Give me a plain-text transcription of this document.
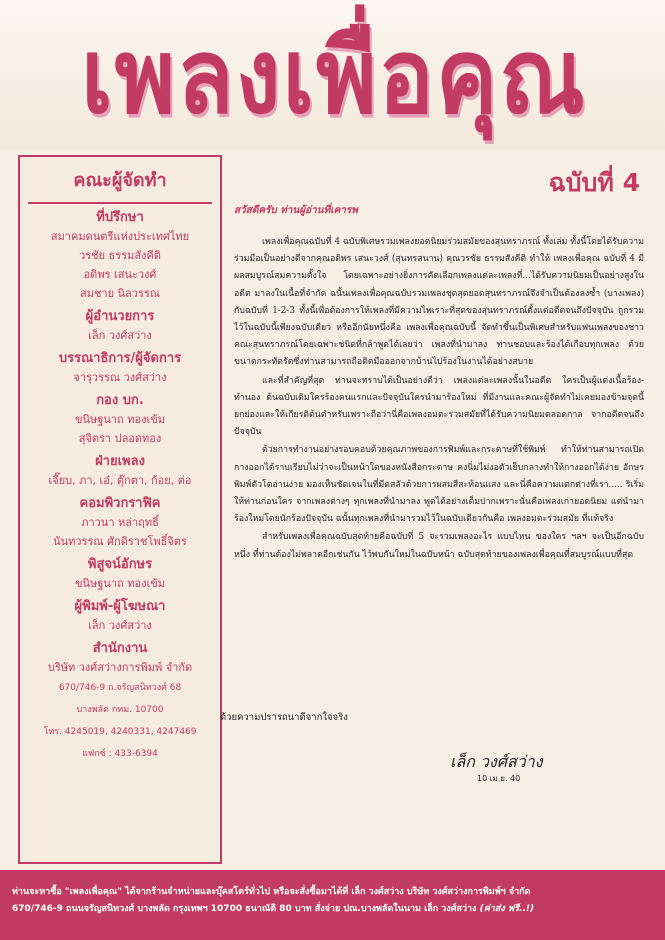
เพลงเพื่อคุณ
ฉบับที่ 4
คณะผู้จัดทำ
ที่ปรึกษา
สมาคมดนตรีแห่งประเทศไทย
วรชัย ธรรมสังคีติ
อดิพร เสนะวงศ์
สมชาย นิลวรรณ
ผู้อำนวยการ
เล็ก วงศ์สว่าง
บรรณาธิการ/ผู้จัดการ
จารุวรรณ วงศ์สว่าง
กอง บก.
ขนิษฐนาถ ทองเข้ม
สุจิตรา ปลอดทอง
ฝ่ายเพลง
เจี๊ยบ, ภา, เอ๋, ตุ๊กตา, ก้อย, ต่อ
คอมพิวกราฟิค
ภาวนา หล่าฤทธิ์
นันทวรรณ ศักดิราชโพธิ์จิตร
พิสูจน์อักษร
ขนิษฐนาถ ทองเข้ม
ผู้พิมพ์-ผู้โฆษณา
เล็ก วงศ์สว่าง
สำนักงาน
บริษัท วงศ์สว่างการพิมพ์ จำกัด
670/746-9 ถ.จรัญสนิทวงศ์ 68
บางพลัด กทม. 10700
โทร. 4245019, 4240331, 4247469
แฟกซ์ : 433-6394
สวัสดีครับ ท่านผู้อ่านที่เคารพ

เพลงเพื่อคุณฉบับที่ 4 ฉบับพิเศษรวมเพลงยอดนิยมร่วมสมัยของสุนทราภรณ์ ทั้งเล่ม ทั้งนี้โดยได้รับความร่วมมือเป็นอย่างดีจากคุณอดิพร เสนะวงศ์ (สุนทรสนาน) คุณวรชัย ธรรมสังคีติ ทำให้ เพลงเพื่อคุณ ฉบับที่ 4 มีผลสมบูรณ์สมความตั้งใจ โดยเฉพาะอย่างยิ่งการคัดเลือกเพลงแต่ละเพลงที่...ได้รับความนิยมเป็นอย่างสูงในอดีต มาลงในเนื้อที่จำกัด ฉนั้นเพลงเพื่อคุณฉบับรวมเพลงชุดสุดยอดสุนทราภรณ์จึงจำเป็นต้องลงซ้ำ (บางเพลง) กับฉบับที่ 1-2-3 ทั้งนี้เพื่อต้องการให้เพลงที่มีความไพเราะที่สุดของสุนทราภรณ์ตั้งแต่อดีตจนถึงปัจจุบัน ถูกรวมไว้ในฉบับนี้เพียงฉบับเดียว หรืออีกนัยหนึ่งคือ เพลงเพื่อคุณฉบับนี้ จัดทำขึ้นเป็นพิเศษสำหรับแฟนเพลงของชาวคณะสุนทราภรณ์โดยเฉพาะชนิดที่กล้าพูดได้เลยว่า เพลงที่นำมาลง ท่านชอบและร้องได้เกือบทุกเพลง ด้วยขนาดกระทัดรัดซึ่งท่านสามารถถือติดมือออกจากบ้านไปร้องในงานได้อย่างสบาย

และที่สำคัญที่สุด ท่านจะทราบได้เป็นอย่างดีว่า เพลงแต่ละเพลงนั้นในอดีต ใครเป็นผู้แต่งเนื้อร้อง-ทำนอง ต้นฉบับเดิมใครร้องคนแรกและปัจจุบันใครนำมาร้องใหม่ ที่มีงานและคณะผู้จัดทำไม่เคยมองข้ามจุดนี้ ยกย่องและให้เกียรติต้นตำหรับเพราะถือว่านี่คือเพลงอมตะร่วมสมัยที่ได้รับความนิยมตลอดกาล จากอดีตจนถึงปัจจุบัน

ด้วยการทำงานอย่างรอบคอบด้วยคุณภาพของการพิมพ์และกระดาษที่ใช้พิมพ์ ทำให้ท่านสามารถเปิดกางออกได้ราบเรียบไม่ว่าจะเป็นหน้าใดของหนังสือกระดาษ คงนิ่มไม่งอตัวเย็บกลางทำให้กางออกได้ง่าย อักษรพิมพ์ตัวโตอ่านง่าย มองเห็นชัดเจนในที่มีดสลัวด้วยการผสมสีสะท้อนแสง และนี่คือความแตกต่างที่เรา..... ริเริ่มให้ท่านก่อนใคร จากเพลงต่างๆ ทุกเพลงที่นำมาลง พูดได้อย่างเต็มปากเพราะนั่นคือเพลงเก่ายอดนิยม แต่นำมาร้องใหม่โดยนักร้องปัจจุบัน ฉนั้นทุกเพลงที่นำมารวมไว้ในฉบับเดียวกันคือ เพลงอมตะร่วมสมัย ที่แท้จริง

สำหรับเพลงเพื่อคุณฉบับสุดท้ายคือฉบับที่ 5 จะรวมเพลงอะไร แบบไหน ของใคร ฯลฯ จะเป็นอีกฉบับหนึ่ง ที่ท่านต้องไม่พลาดอีกเช่นกัน ไว้พบกันใหม่ในฉบับหน้า ฉบับสุดท้ายของเพลงเพื่อคุณที่สมบูรณ์แบบที่สุด

ด้วยความปรารถนาดีจากใจจริง
เล็ก วงศ์สว่าง
10 เม.ย. 40

ท่านจะหาซื้อ "เพลงเพื่อคุณ" ได้จากร้านจำหน่ายและบุ๊คสโตร์ทั่วไป หรือจะสั่งซื้อมาได้ที่ เล็ก วงศ์สว่าง บริษัท วงศ์สว่างการพิมพ์ฯ จำกัด

670/746-9 ถนนจรัญสนิทวงศ์ บางพลัด กรุงเทพฯ 10700 ธนาณัติ 80 บาท สั่งจ่าย ปณ.บางพลัดในนาม เล็ก วงศ์สว่าง (ค่าส่ง ฟรี..!)
